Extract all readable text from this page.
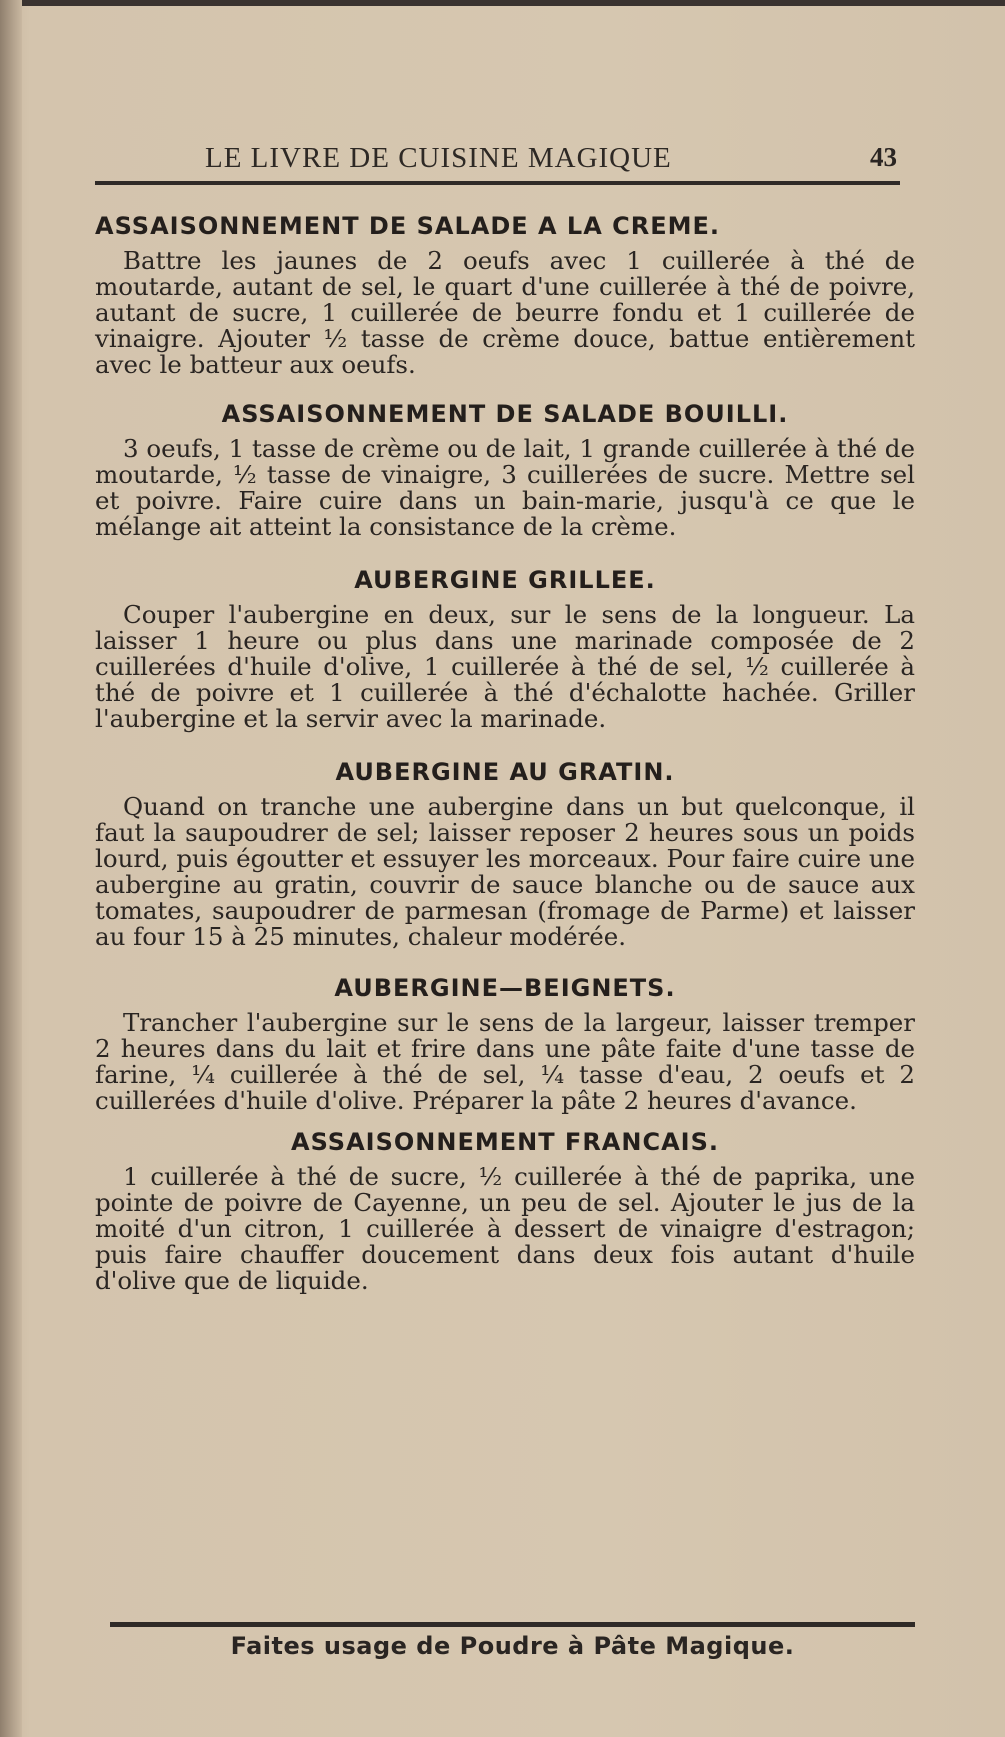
LE LIVRE DE CUISINE MAGIQUE	43
ASSAISONNEMENT DE SALADE A LA CREME.

Battre les jaunes de 2 oeufs avec 1 cuillerée à thé de moutarde, autant de sel, le quart d'une cuillerée à thé de poivre, autant de sucre, 1 cuillerée de beurre fondu et 1 cuillerée de vinaigre. Ajouter ½ tasse de crème douce, battue entièrement avec le batteur aux oeufs.

ASSAISONNEMENT DE SALADE BOUILLI.

3 oeufs, 1 tasse de crème ou de lait, 1 grande cuillerée à thé de moutarde, ½ tasse de vinaigre, 3 cuillerées de sucre. Mettre sel et poivre. Faire cuire dans un bain-marie, jusqu'à ce que le mélange ait atteint la consistance de la crème.

AUBERGINE GRILLEE.

Couper l'aubergine en deux, sur le sens de la longueur. La laisser 1 heure ou plus dans une marinade composée de 2 cuillerées d'huile d'olive, 1 cuillerée à thé de sel, ½ cuillerée à thé de poivre et 1 cuillerée à thé d'échalotte hachée. Griller l'aubergine et la servir avec la marinade.

AUBERGINE AU GRATIN.

Quand on tranche une aubergine dans un but quelconque, il faut la saupoudrer de sel; laisser reposer 2 heures sous un poids lourd, puis égoutter et essuyer les morceaux. Pour faire cuire une aubergine au gratin, couvrir de sauce blanche ou de sauce aux tomates, saupoudrer de parmesan (fromage de Parme) et laisser au four 15 à 25 minutes, chaleur modérée.

AUBERGINE—BEIGNETS.

Trancher l'aubergine sur le sens de la largeur, laisser tremper 2 heures dans du lait et frire dans une pâte faite d'une tasse de farine, ¼ cuillerée à thé de sel, ¼ tasse d'eau, 2 oeufs et 2 cuillerées d'huile d'olive. Préparer la pâte 2 heures d'avance.

ASSAISONNEMENT FRANCAIS.

1 cuillerée à thé de sucre, ½ cuillerée à thé de paprika, une pointe de poivre de Cayenne, un peu de sel. Ajouter le jus de la moité d'un citron, 1 cuillerée à dessert de vinaigre d'estragon; puis faire chauffer doucement dans deux fois autant d'huile d'olive que de liquide.

Faites usage de Poudre à Pâte Magique.
